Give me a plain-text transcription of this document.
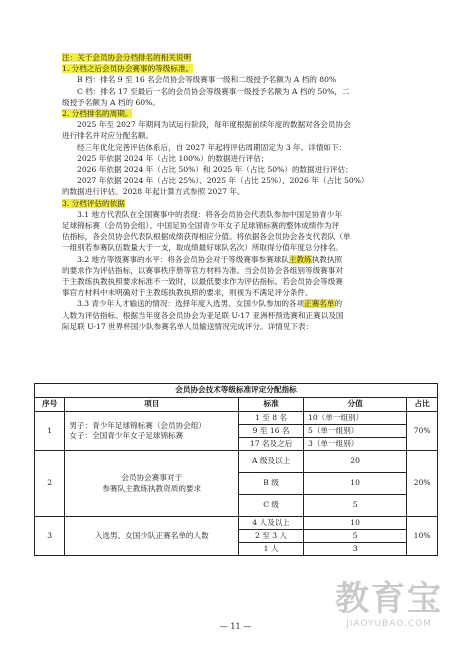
注：关于会员协会分档排名的相关说明
1. 分档之后会员协会赛事的等级标准。
B 档：排名 9 至 16 名会员协会等级赛事一级和二级授予名额为 A 档的 80%
C 档：排名 17 至最后一名的会员协会等级赛事一级授予名额为 A 档的 50%，二
级授予名额为 A 档的 60%。
2. 分档排名的周期。
2025 年至 2027 年期间为试运行阶段，每年度根据前续年度的数据对各会员协会
进行排名并对应分配名额。
经三年优化完善评估体系后，自 2027 年起将评估周期固定为 3 年。详情如下：
2025 年依据 2024 年（占比 100%）的数据进行评估；
2026 年依据 2024 年（占比 50%）和 2025 年（占比 50%）的数据进行评估；
2027 年依据 2024 年（占比 25%）、2025 年（占比 25%）、2026 年（占比 50%）
的数据进行评估。2028 年起计算方式参照 2027 年。
3. 分档评估的依据
3.1 地方代表队在全国赛事中的表现：将各会员协会代表队参加中国足协青少年
足球锦标赛（会员协会组）、中国足协全国青少年女子足球锦标赛的整体成绩作为评
估指标，各会员协会代表队根据成绩获得相应分值。将依据各会员协会各支代表队（单
一组别若参赛队伍数量大于一支，取成绩最好球队名次）所取得分值年度总分排名。
3.2 地方等级赛事的水平：将各会员协会对于等级赛事参赛球队主教练执教执照
的要求作为评估指标，以赛事秩序册等官方材料为准。当会员协会各组别等级赛事对
于主教练执教执照要求标准不一致时，以最低要求作为评估指标。若会员协会等级赛
事官方材料中未明确对于主教练执教执照的要求，则视为不满足评分条件。
3.3 青少年人才输送的情况：选择年度入选男、女国少队参加的各项正赛名单的
人数为评估指标。根据当年度各会员协会为亚足联 U-17 亚洲杯预选赛和正赛以及国
际足联 U-17 世界杯国少队参赛名单人员输送情况完成评分。详情见下表：
会员协会技术等级标准评定分配指标				
序号	项目	标准	分值	占比
1	男子：青少年足球锦标赛（会员协会组）
女子：全国青少年女子足球锦标赛	1 至 8 名	10（单一组别）	70%
		9 至 16 名	5（单一组别）	
		17 名及之后	3（单一组别）	
2	会员协会赛事对于
参赛队主教练执教资质的要求	A 级及以上	20	20%
		B 级	10	
		C 级	5	
3	入选男、女国少队正赛名单的人数	4 人及以上	10	10%
		2 至 3 人	5	
		1 人	3	
— 11 —
教育宝
JIAOYUBAO.COM
